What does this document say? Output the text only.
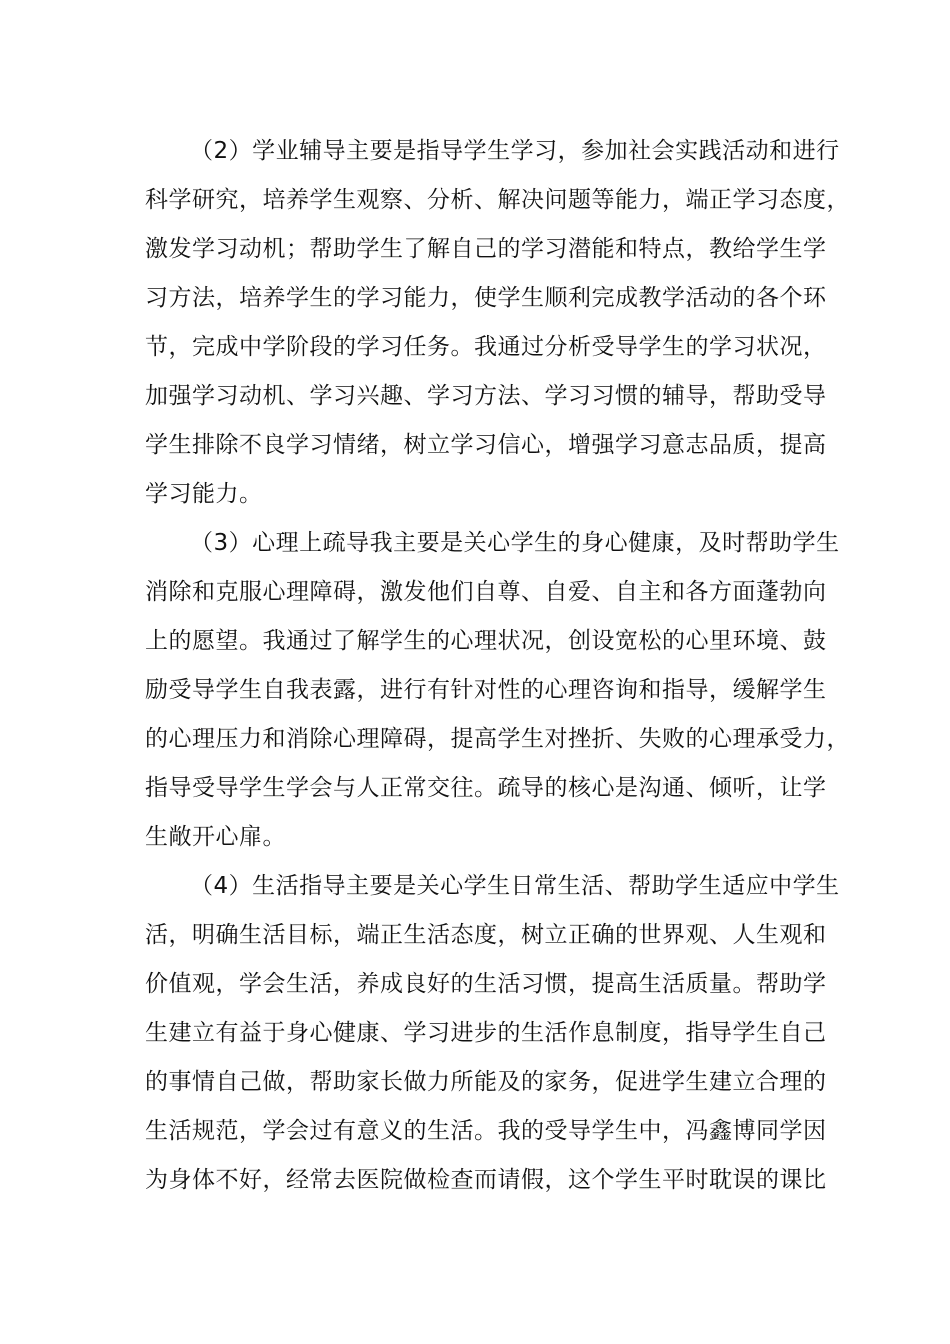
（2）学业辅导主要是指导学生学习，参加社会实践活动和进行
科学研究，培养学生观察、分析、解决问题等能力，端正学习态度，
激发学习动机；帮助学生了解自己的学习潜能和特点，教给学生学
习方法，培养学生的学习能力，使学生顺利完成教学活动的各个环
节，完成中学阶段的学习任务。我通过分析受导学生的学习状况，
加强学习动机、学习兴趣、学习方法、学习习惯的辅导，帮助受导
学生排除不良学习情绪，树立学习信心，增强学习意志品质，提高
学习能力。
（3）心理上疏导我主要是关心学生的身心健康，及时帮助学生
消除和克服心理障碍，激发他们自尊、自爱、自主和各方面蓬勃向
上的愿望。我通过了解学生的心理状况，创设宽松的心里环境、鼓
励受导学生自我表露，进行有针对性的心理咨询和指导，缓解学生
的心理压力和消除心理障碍，提高学生对挫折、失败的心理承受力，
指导受导学生学会与人正常交往。疏导的核心是沟通、倾听，让学
生敞开心扉。
（4）生活指导主要是关心学生日常生活、帮助学生适应中学生
活，明确生活目标，端正生活态度，树立正确的世界观、人生观和
价值观，学会生活，养成良好的生活习惯，提高生活质量。帮助学
生建立有益于身心健康、学习进步的生活作息制度，指导学生自己
的事情自己做，帮助家长做力所能及的家务，促进学生建立合理的
生活规范，学会过有意义的生活。我的受导学生中，冯鑫博同学因
为身体不好，经常去医院做检查而请假，这个学生平时耽误的课比
